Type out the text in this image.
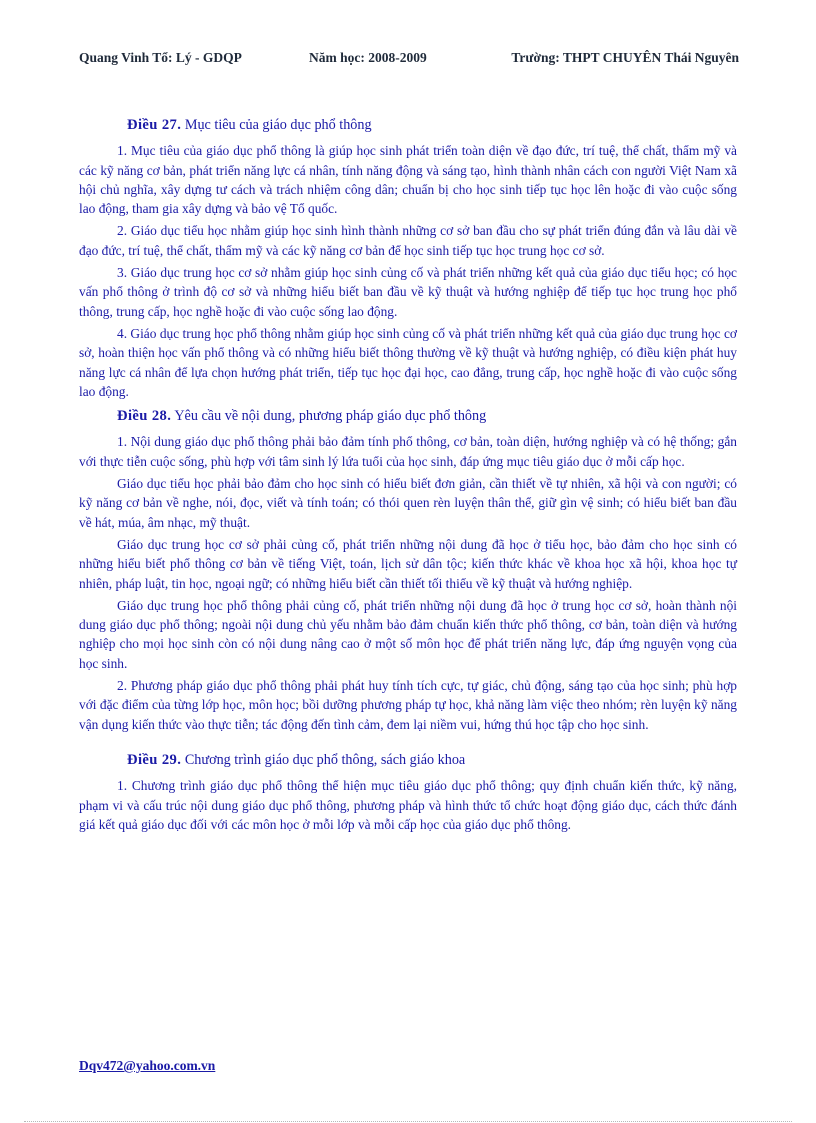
Quang Vinh Tổ: Lý - GDQP	Năm học: 2008-2009	Trường: THPT CHUYÊN Thái Nguyên
Điều 27. Mục tiêu của giáo dục phổ thông

1. Mục tiêu của giáo dục phổ thông là giúp học sinh phát triển toàn diện về đạo đức, trí tuệ, thể chất, thẩm mỹ và các kỹ năng cơ bản, phát triển năng lực cá nhân, tính năng động và sáng tạo, hình thành nhân cách con người Việt Nam xã hội chủ nghĩa, xây dựng tư cách và trách nhiệm công dân; chuẩn bị cho học sinh tiếp tục học lên hoặc đi vào cuộc sống lao động, tham gia xây dựng và bảo vệ Tổ quốc.

2. Giáo dục tiểu học nhằm giúp học sinh hình thành những cơ sở ban đầu cho sự phát triển đúng đắn và lâu dài về đạo đức, trí tuệ, thể chất, thẩm mỹ và các kỹ năng cơ bản để học sinh tiếp tục học trung học cơ sở.

3. Giáo dục trung học cơ sở nhằm giúp học sinh củng cố và phát triển những kết quả của giáo dục tiểu học; có học vấn phổ thông ở trình độ cơ sở và những hiểu biết ban đầu về kỹ thuật và hướng nghiệp để tiếp tục học trung học phổ thông, trung cấp, học nghề hoặc đi vào cuộc sống lao động.

4. Giáo dục trung học phổ thông nhằm giúp học sinh củng cố và phát triển những kết quả của giáo dục trung học cơ sở, hoàn thiện học vấn phổ thông và có những hiểu biết thông thường về kỹ thuật và hướng nghiệp, có điều kiện phát huy năng lực cá nhân để lựa chọn hướng phát triển, tiếp tục học đại học, cao đẳng, trung cấp, học nghề hoặc đi vào cuộc sống lao động.

Điều 28. Yêu cầu về nội dung, phương pháp giáo dục phổ thông

1. Nội dung giáo dục phổ thông phải bảo đảm tính phổ thông, cơ bản, toàn diện, hướng nghiệp và có hệ thống; gắn với thực tiễn cuộc sống, phù hợp với tâm sinh lý lứa tuổi của học sinh, đáp ứng mục tiêu giáo dục ở mỗi cấp học.

Giáo dục tiểu học phải bảo đảm cho học sinh có hiểu biết đơn giản, cần thiết về tự nhiên, xã hội và con người; có kỹ năng cơ bản về nghe, nói, đọc, viết và tính toán; có thói quen rèn luyện thân thể, giữ gìn vệ sinh; có hiểu biết ban đầu về hát, múa, âm nhạc, mỹ thuật.

Giáo dục trung học cơ sở phải củng cố, phát triển những nội dung đã học ở tiểu học, bảo đảm cho học sinh có những hiểu biết phổ thông cơ bản về tiếng Việt, toán, lịch sử dân tộc; kiến thức khác về khoa học xã hội, khoa học tự nhiên, pháp luật, tin học, ngoại ngữ; có những hiểu biết cần thiết tối thiểu về kỹ thuật và hướng nghiệp.

Giáo dục trung học phổ thông phải củng cố, phát triển những nội dung đã học ở trung học cơ sở, hoàn thành nội dung giáo dục phổ thông; ngoài nội dung chủ yếu nhằm bảo đảm chuẩn kiến thức phổ thông, cơ bản, toàn diện và hướng nghiệp cho mọi học sinh còn có nội dung nâng cao ở một số môn học để phát triển năng lực, đáp ứng nguyện vọng của học sinh.

2. Phương pháp giáo dục phổ thông phải phát huy tính tích cực, tự giác, chủ động, sáng tạo của học sinh; phù hợp với đặc điểm của từng lớp học, môn học; bồi dưỡng phương pháp tự học, khả năng làm việc theo nhóm; rèn luyện kỹ năng vận dụng kiến thức vào thực tiễn; tác động đến tình cảm, đem lại niềm vui, hứng thú học tập cho học sinh.

Điều 29. Chương trình giáo dục phổ thông, sách giáo khoa

1. Chương trình giáo dục phổ thông thể hiện mục tiêu giáo dục phổ thông; quy định chuẩn kiến thức, kỹ năng, phạm vi và cấu trúc nội dung giáo dục phổ thông, phương pháp và hình thức tổ chức hoạt động giáo dục, cách thức đánh giá kết quả giáo dục đối với các môn học ở mỗi lớp và mỗi cấp học của giáo dục phổ thông.

Dqv472@yahoo.com.vn
